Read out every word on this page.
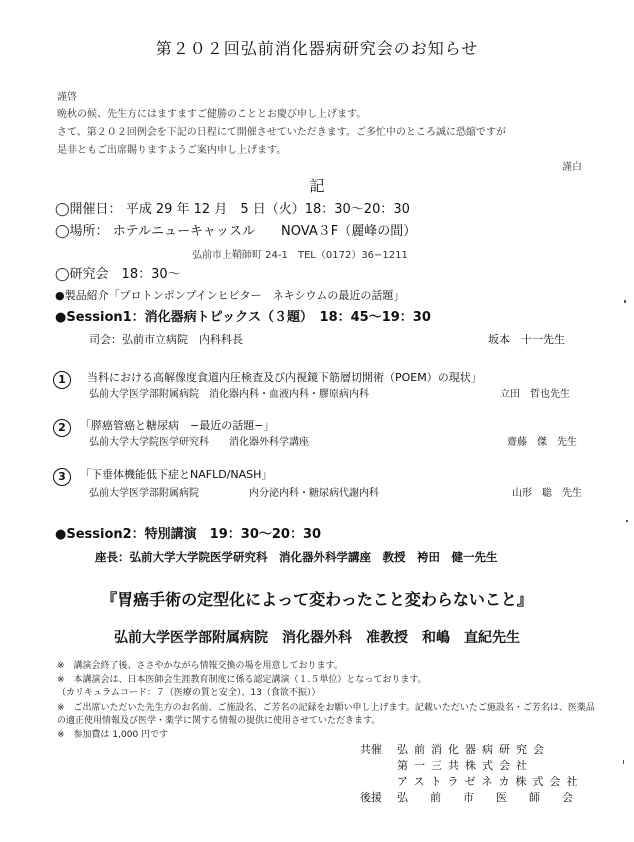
第２０２回弘前消化器病研究会のお知らせ
謹啓
晩秋の候、先生方にはますますご健勝のこととお慶び申し上げます。
さて、第２０２回例会を下記の日程にて開催させていただきます。ご多忙中のところ誠に恐縮ですが
是非ともご出席賜りますようご案内申し上げます。
謹白
記
◯開催日： 平成 29 年 12 月　5 日（火）18：30〜20：30
◯場所： ホテルニューキャッスル　　NOVA３F（麗峰の間）
弘前市上鞘師町 24-1　TEL（0172）36−1211
◯研究会　18：30〜
●製品紹介「プロトンポンプインヒビター　ネキシウムの最近の話題」
●Session1：消化器病トピックス（３題）　18：45〜19：30
司会：弘前市立病院　内科科長	坂本　十一先生
1	当科における高解像度食道内圧検査及び内視鏡下筋層切開術（POEM）の現状」
弘前大学医学部附属病院　消化器内科・血液内科・膠原病内科	立田　哲也先生
2	「膵癌管癌と糖尿病　−最近の話題−」
弘前大学大学院医学研究科　　消化器外科学講座	齋藤　傑　先生
3	「下垂体機能低下症とNAFLD/NASH」
弘前大学医学部附属病院　　　　　内分泌内科・糖尿病代謝内科	山形　聡　先生
●Session2：特別講演　19：30〜20：30
座長：弘前大学大学院医学研究科　消化器外科学講座　教授　袴田　健一先生
『胃癌手術の定型化によって変わったこと変わらないこと』
弘前大学医学部附属病院　消化器外科　准教授　和嶋　直紀先生
※　講演会終了後、ささやかながら情報交換の場を用意しております。
※　本講演会は、日本医師会生涯教育制度に係る認定講演（１.５単位）となっております。
（カリキュラムコード：７（医療の質と安全）、13（食欲不振））
※　ご出席いただいた先生方のお名前、ご施設名、ご芳名の記録をお願い申し上げます。記載いただいたご施設名・ご芳名は、医薬品の適正使用情報及び医学・薬学に関する情報の提供に使用させていただきます。
※　参加費は 1,000 円です
共催 弘前消化器病研究会
第一三共株式会社
アストラゼネカ株式会社
後援 弘前市医師会
